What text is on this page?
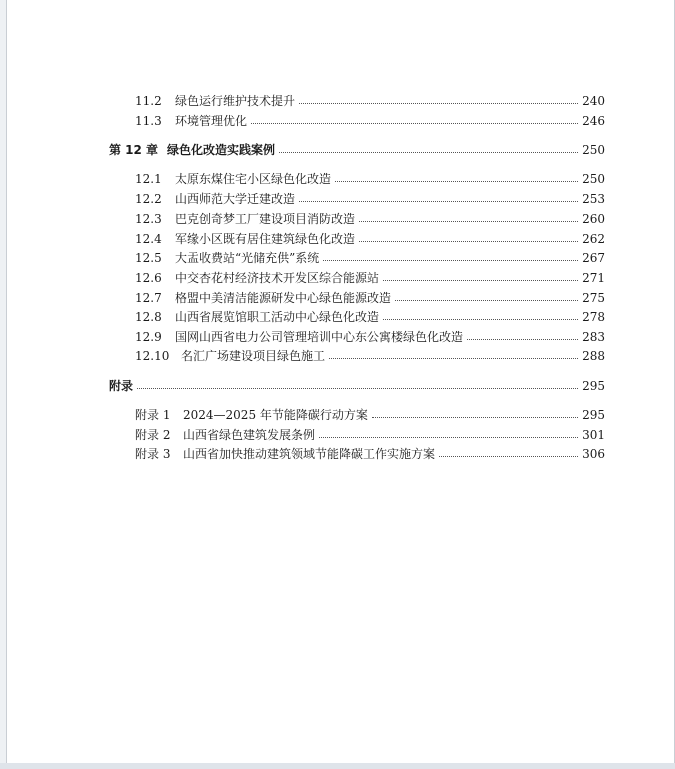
11.2	绿色运行维护技术提升	240
11.3	环境管理优化	246
第 12 章 绿色化改造实践案例	250
12.1	太原东煤住宅小区绿色化改造	250
12.2	山西师范大学迁建改造	253
12.3	巴克创奇梦工厂建设项目消防改造	260
12.4	军缘小区既有居住建筑绿色化改造	262
12.5	大盂收费站“光储充供”系统	267
12.6	中交杏花村经济技术开发区综合能源站	271
12.7	格盟中美清洁能源研发中心绿色能源改造	275
12.8	山西省展览馆职工活动中心绿色化改造	278
12.9	国网山西省电力公司管理培训中心东公寓楼绿色化改造	283
12.10 名汇广场建设项目绿色施工	288
附录	295
附录 1	2024—2025 年节能降碳行动方案	295
附录 2	山西省绿色建筑发展条例	301
附录 3	山西省加快推动建筑领域节能降碳工作实施方案	306
